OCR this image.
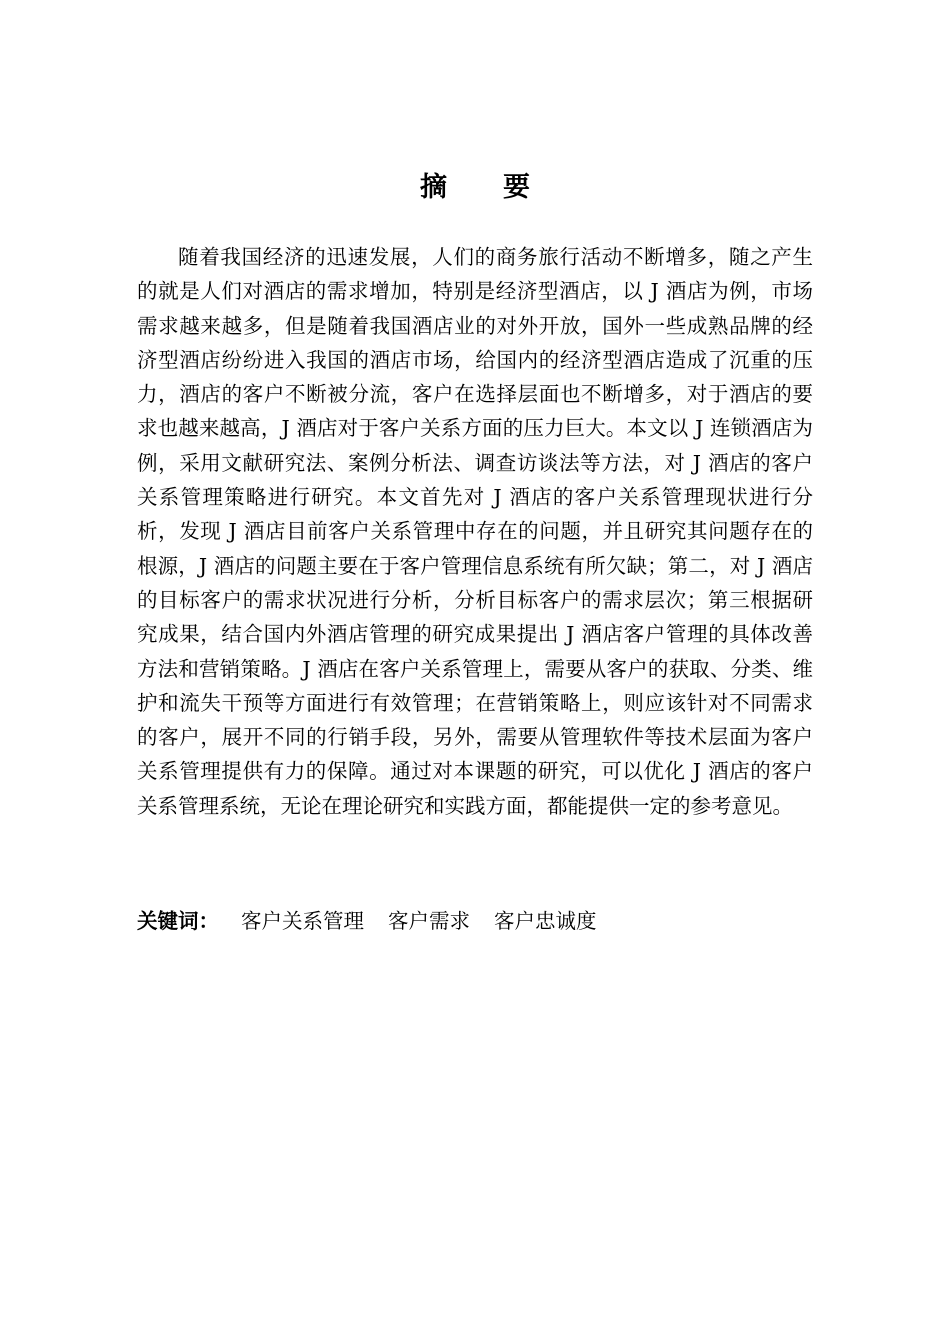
摘要

随着我国经济的迅速发展，人们的商务旅行活动不断增多，随之产生的就是人们对酒店的需求增加，特别是经济型酒店，以 J 酒店为例，市场需求越来越多，但是随着我国酒店业的对外开放，国外一些成熟品牌的经济型酒店纷纷进入我国的酒店市场，给国内的经济型酒店造成了沉重的压力，酒店的客户不断被分流，客户在选择层面也不断增多，对于酒店的要求也越来越高，J 酒店对于客户关系方面的压力巨大。本文以 J 连锁酒店为例，采用文献研究法、案例分析法、调查访谈法等方法，对 J 酒店的客户关系管理策略进行研究。本文首先对 J 酒店的客户关系管理现状进行分析，发现 J 酒店目前客户关系管理中存在的问题，并且研究其问题存在的根源，J 酒店的问题主要在于客户管理信息系统有所欠缺；第二，对 J 酒店的目标客户的需求状况进行分析，分析目标客户的需求层次；第三根据研究成果，结合国内外酒店管理的研究成果提出 J 酒店客户管理的具体改善方法和营销策略。J 酒店在客户关系管理上，需要从客户的获取、分类、维护和流失干预等方面进行有效管理；在营销策略上，则应该针对不同需求的客户，展开不同的行销手段，另外，需要从管理软件等技术层面为客户关系管理提供有力的保障。通过对本课题的研究，可以优化 J 酒店的客户关系管理系统，无论在理论研究和实践方面，都能提供一定的参考意见。

关键词： 客户关系管理 客户需求 客户忠诚度
